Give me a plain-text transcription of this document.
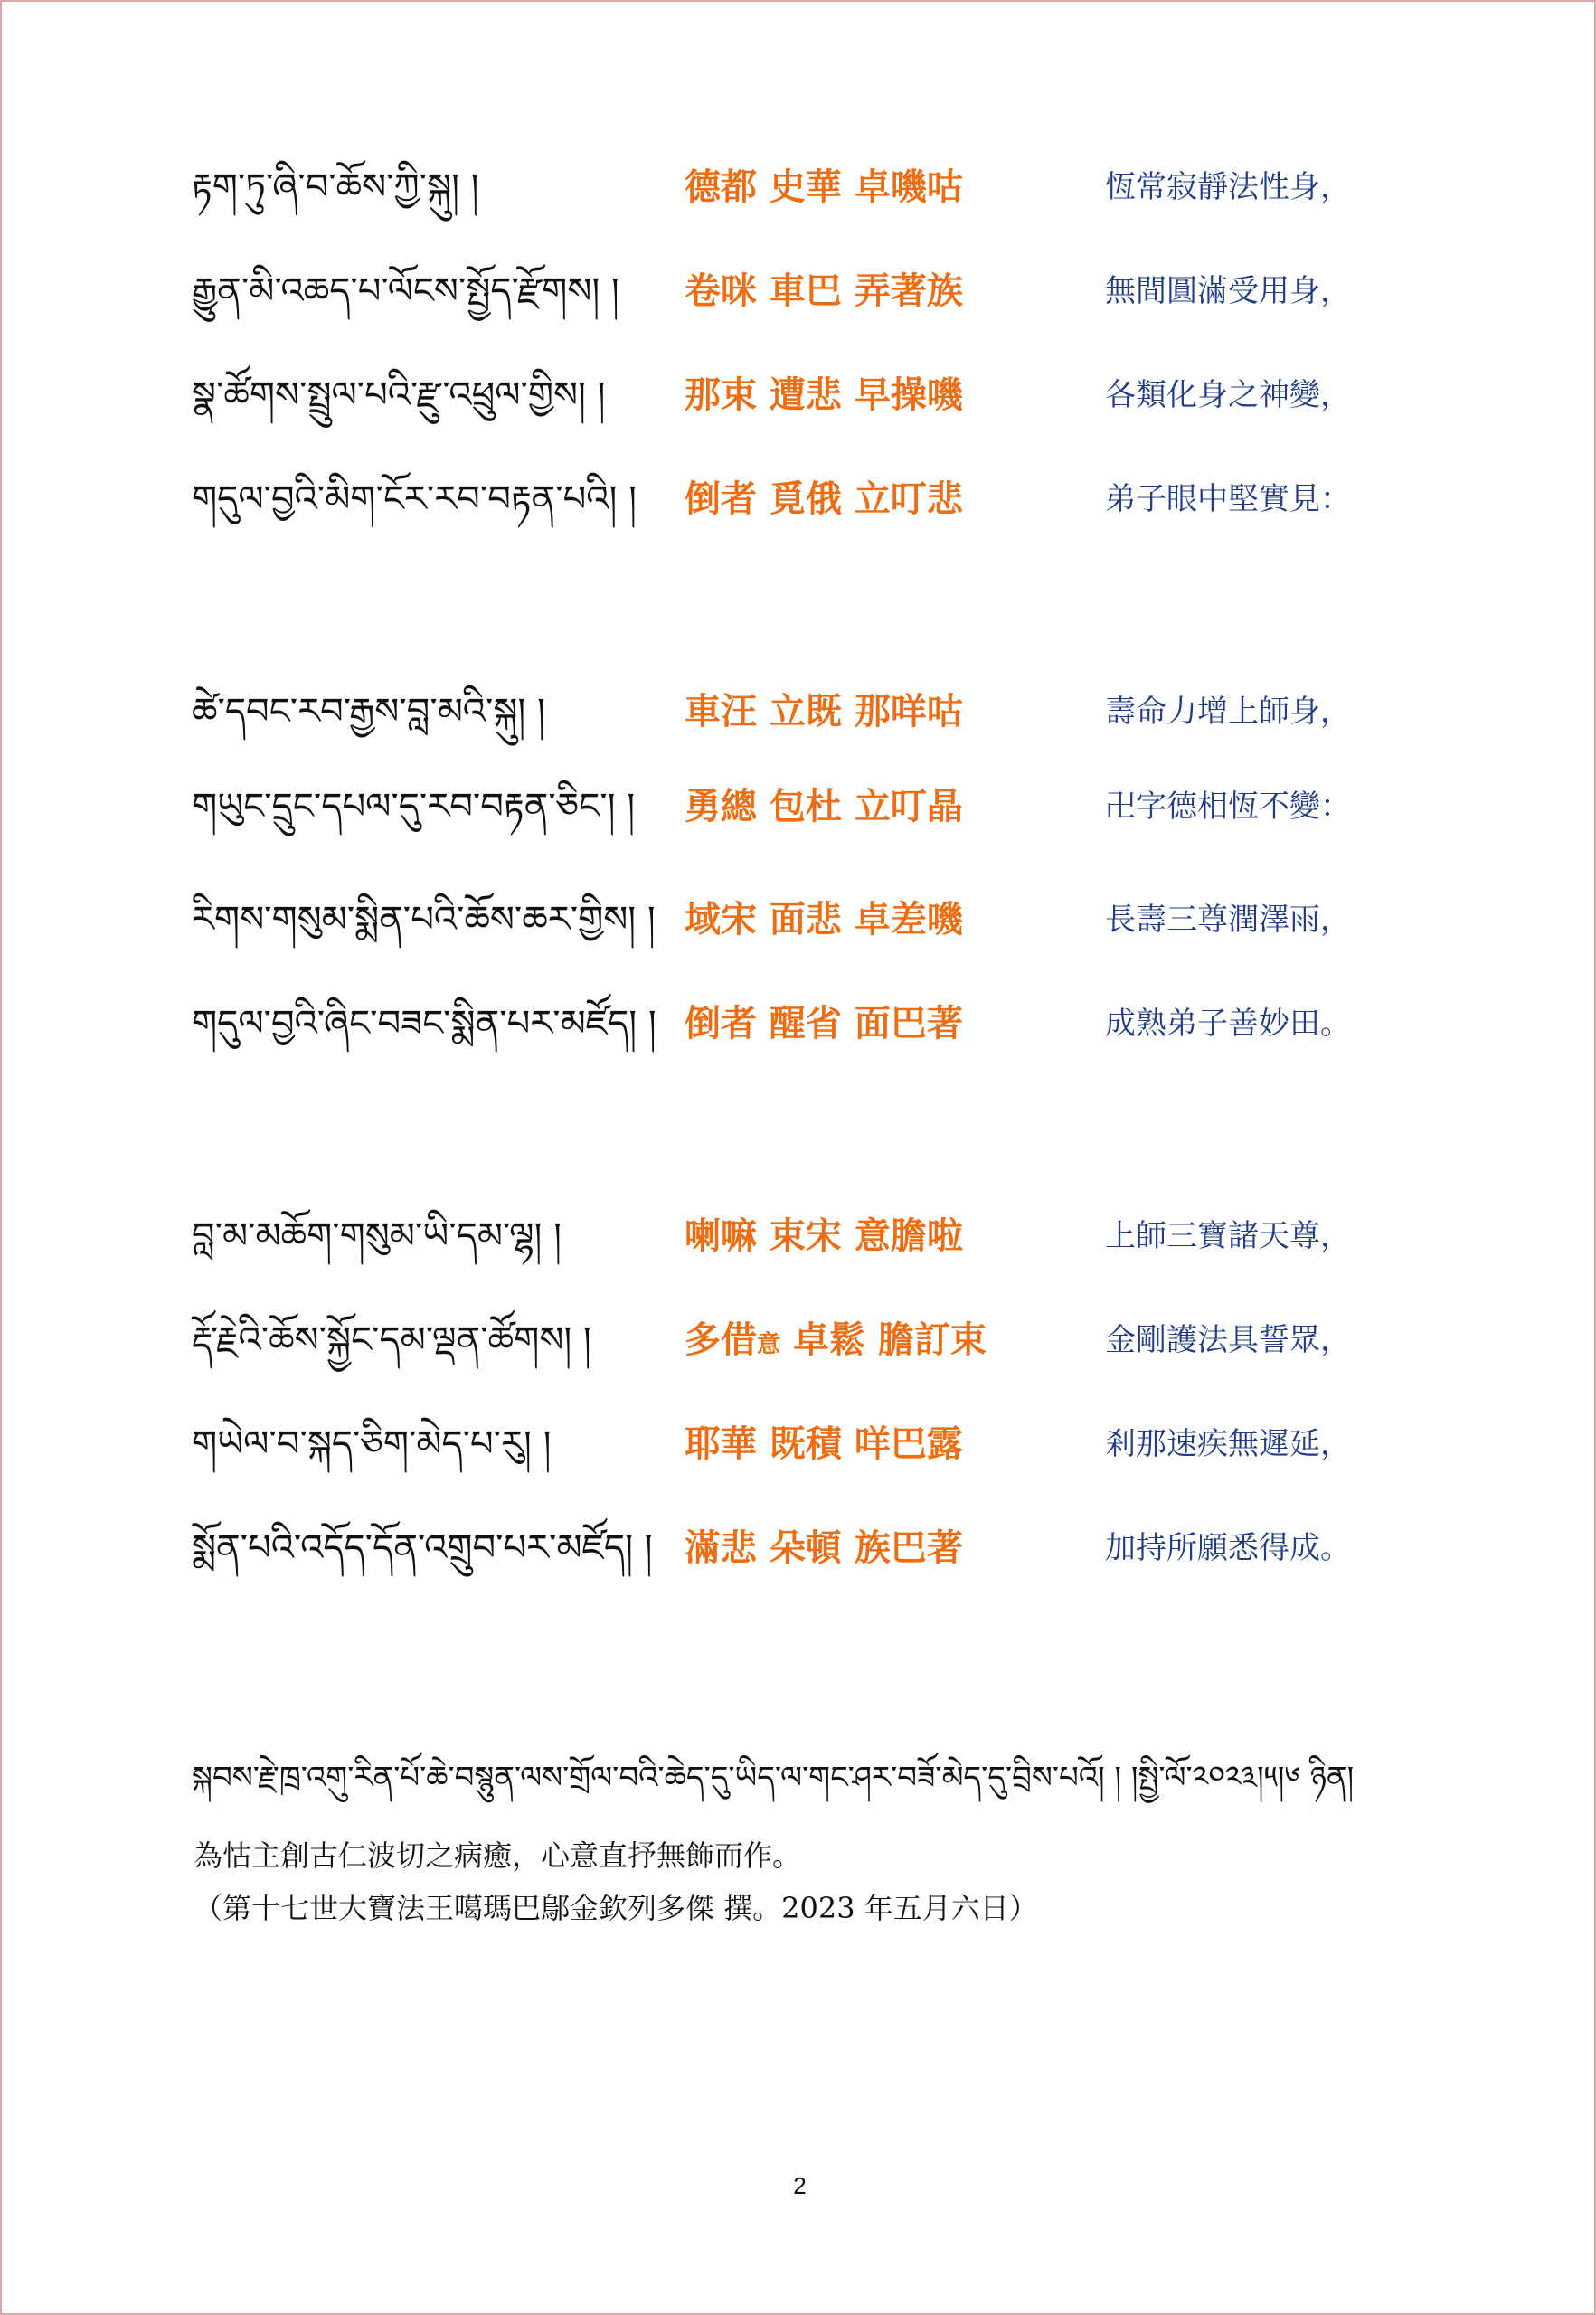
རྟག་ཏུ་ཞི་བ་ཆོས་ཀྱི་སྐུ། །	德都 史華 卓嘰咕	恆常寂靜法性身，
རྒྱུན་མི་འཆད་པ་ལོངས་སྤྱོད་རྫོགས། །	卷咪 車巴 弄著族	無間圓滿受用身，
སྣ་ཚོགས་སྤྲུལ་པའི་རྫུ་འཕྲུལ་གྱིས། །	那束 遭悲 早操嘰	各類化身之神變，
གདུལ་བྱའི་མིག་ངོར་རབ་བརྟན་པའི། །	倒者 覓俄 立叮悲	弟子眼中堅實見：
ཚེ་དབང་རབ་རྒྱས་བླ་མའི་སྐུ། །	車汪 立既 那咩咕	壽命力增上師身，
གཡུང་དྲུང་དཔལ་དུ་རབ་བརྟན་ཅིང་། །	勇總 包杜 立叮晶	卍字德相恆不變：
རིགས་གསུམ་སྨིན་པའི་ཆོས་ཆར་གྱིས། ། 域宋 面悲 卓差嘰	長壽三尊潤澤雨，
གདུལ་བྱའི་ཞིང་བཟང་སྨིན་པར་མཛོད། ། 倒者 醒省 面巴著	成熟弟子善妙田。
བླ་མ་མཆོག་གསུམ་ཡི་དམ་ལྷ། །	喇嘛 束宋 意膽啦	上師三寶諸天尊，
རྡོ་རྗེའི་ཆོས་སྐྱོང་དམ་ལྡན་ཚོགས། །	多借意 卓鬆 膽訂束	金剛護法具誓眾，
གཡེལ་བ་སྐད་ཅིག་མེད་པ་རུ། །	耶華 既積 咩巴露	剎那速疾無遲延，
སྨོན་པའི་འདོད་དོན་འགྲུབ་པར་མཛོད། ། 滿悲 朵頓 族巴著	加持所願悉得成。
སྐབས་རྗེ་ཁྲ་འགུ་རིན་པོ་ཆེ་བསྙུན་ལས་གྲོལ་བའི་ཆེད་དུ་ཡིད་ལ་གང་ཤར་བཟོ་མེད་དུ་བྲིས་པའོ། ། །སྤྱི་ལོ་༢༠༢༣།༥།༦ ཉིན།
為怙主創古仁波切之病癒，心意直抒無飾而作。
（第十七世大寶法王噶瑪巴鄔金欽列多傑 撰。2023 年五月六日）
2
